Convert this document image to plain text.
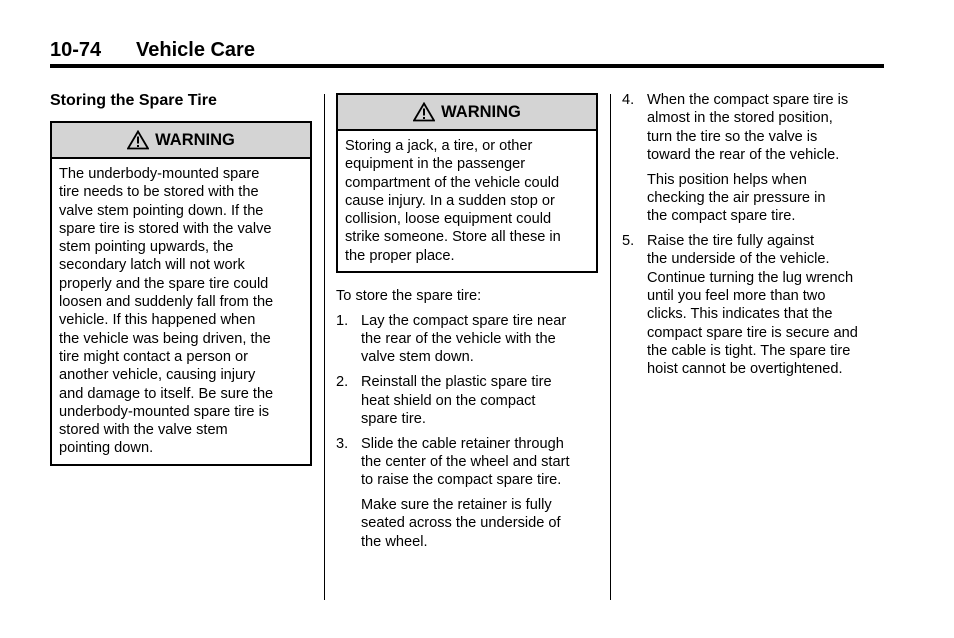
10-74 Vehicle Care
Storing the Spare Tire
WARNING
The underbody-mounted spare
tire needs to be stored with the
valve stem pointing down. If the
spare tire is stored with the valve
stem pointing upwards, the
secondary latch will not work
properly and the spare tire could
loosen and suddenly fall from the
vehicle. If this happened when
the vehicle was being driven, the
tire might contact a person or
another vehicle, causing injury
and damage to itself. Be sure the
underbody-mounted spare tire is
stored with the valve stem
pointing down.
WARNING
Storing a jack, a tire, or other
equipment in the passenger
compartment of the vehicle could
cause injury. In a sudden stop or
collision, loose equipment could
strike someone. Store all these in
the proper place.
To store the spare tire:
1. Lay the compact spare tire near
the rear of the vehicle with the
valve stem down.
2. Reinstall the plastic spare tire
heat shield on the compact
spare tire.
3. Slide the cable retainer through
the center of the wheel and start
to raise the compact spare tire.
Make sure the retainer is fully
seated across the underside of
the wheel.
4. When the compact spare tire is
almost in the stored position,
turn the tire so the valve is
toward the rear of the vehicle.
This position helps when
checking the air pressure in
the compact spare tire.
5. Raise the tire fully against
the underside of the vehicle.
Continue turning the lug wrench
until you feel more than two
clicks. This indicates that the
compact spare tire is secure and
the cable is tight. The spare tire
hoist cannot be overtightened.
